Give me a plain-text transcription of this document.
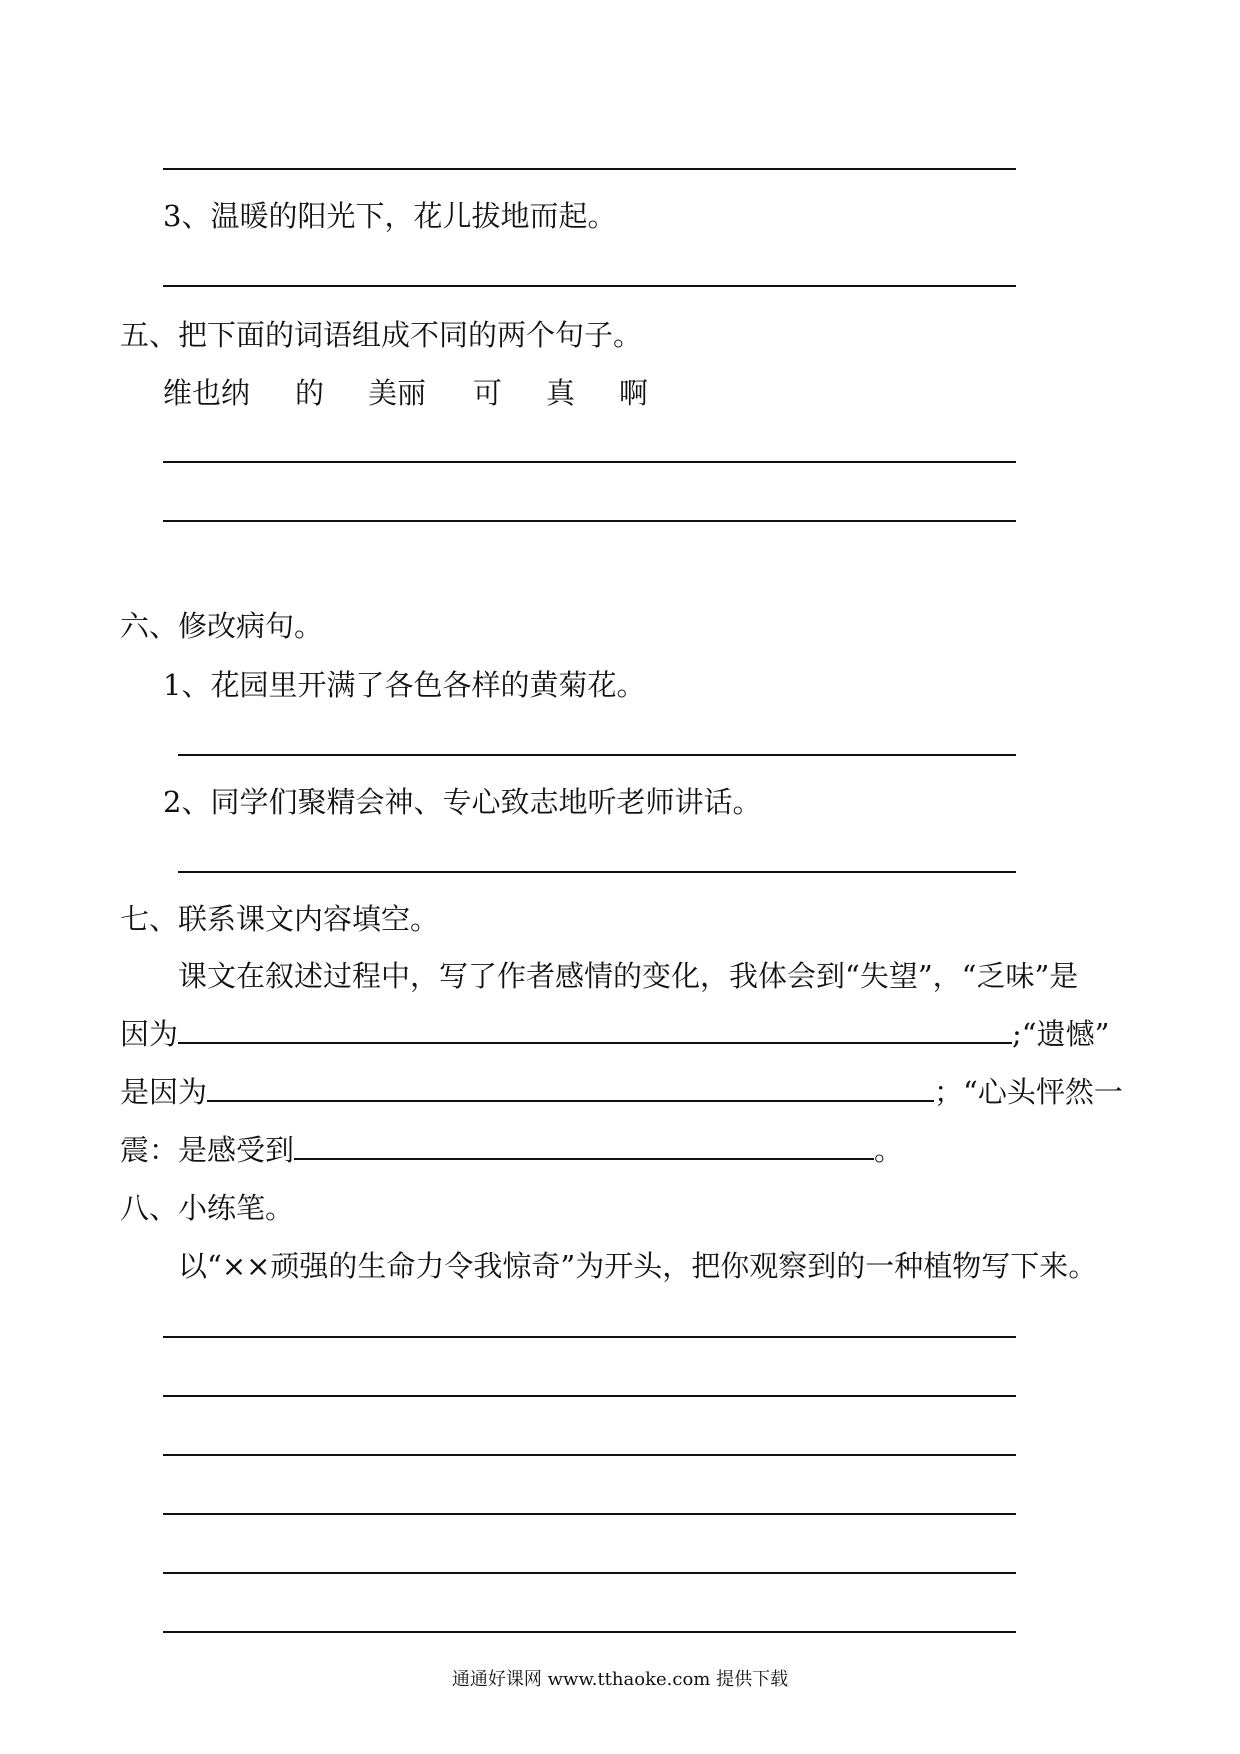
3、温暖的阳光下，花儿拔地而起。
五、把下面的词语组成不同的两个句子。
维也纳 的 美丽 可 真 啊
六、修改病句。
1、花园里开满了各色各样的黄菊花。
2、同学们聚精会神、专心致志地听老师讲话。
七、联系课文内容填空。
课文在叙述过程中，写了作者感情的变化，我体会到“失望”，“乏味”是
因为	;“遗憾”
是因为	；“心头怦然一
震：是感受到	。
八、小练笔。
以“××顽强的生命力令我惊奇”为开头，把你观察到的一种植物写下来。
通通好课网 www.tthaoke.com 提供下载
